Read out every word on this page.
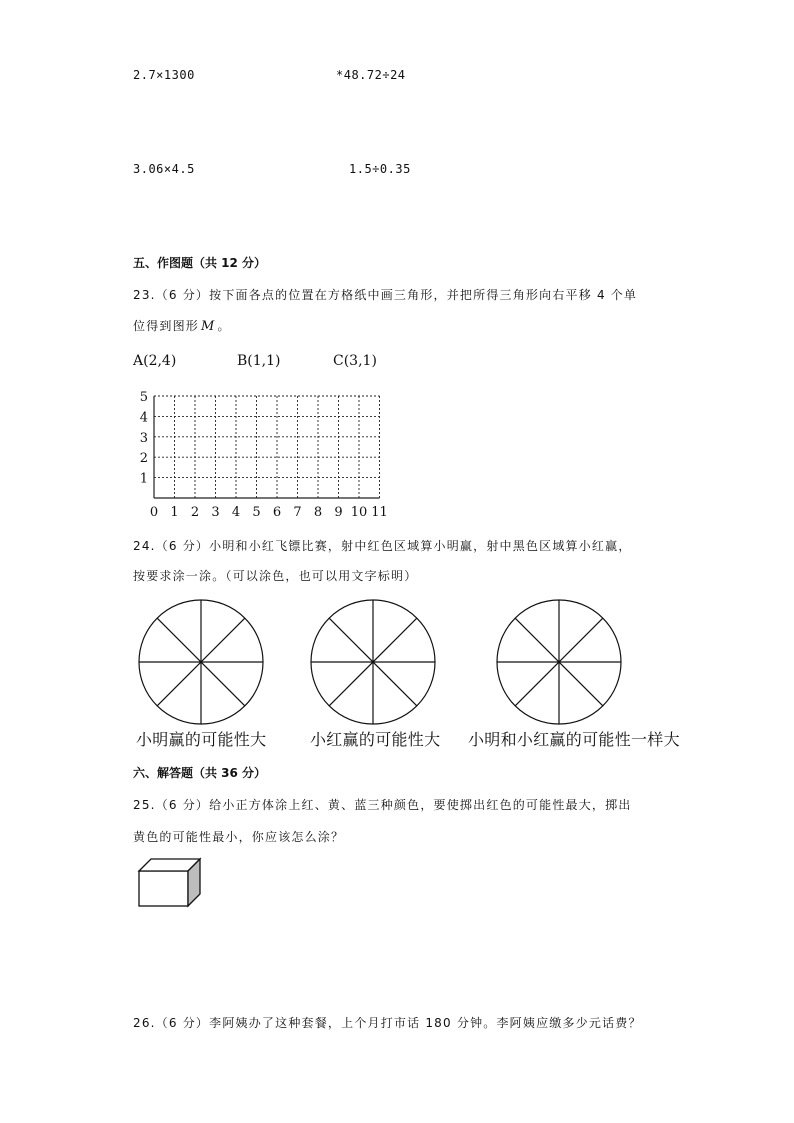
2.7×1300	*48.72÷24
3.06×4.5	1.5÷0.35
五、作图题（共 12 分）
23.（6 分）按下面各点的位置在方格纸中画三角形，并把所得三角形向右平移 4 个单
位得到图形 M 。
A(2,4)	B(1,1)	C(3,1)
0 1 2 3 4 5 6 7 8 9 10 11
1
2
3
4
5
24.（6 分）小明和小红飞镖比赛，射中红色区域算小明赢，射中黑色区域算小红赢，
按要求涂一涂。（可以涂色，也可以用文字标明）
小明赢的可能性大	小红赢的可能性大 小明和小红赢的可能性一样大
六、解答题（共 36 分）
25.（6 分）给小正方体涂上红、黄、蓝三种颜色，要使掷出红色的可能性最大，掷出
黄色的可能性最小，你应该怎么涂？
26.（6 分）李阿姨办了这种套餐，上个月打市话 180 分钟。李阿姨应缴多少元话费？
